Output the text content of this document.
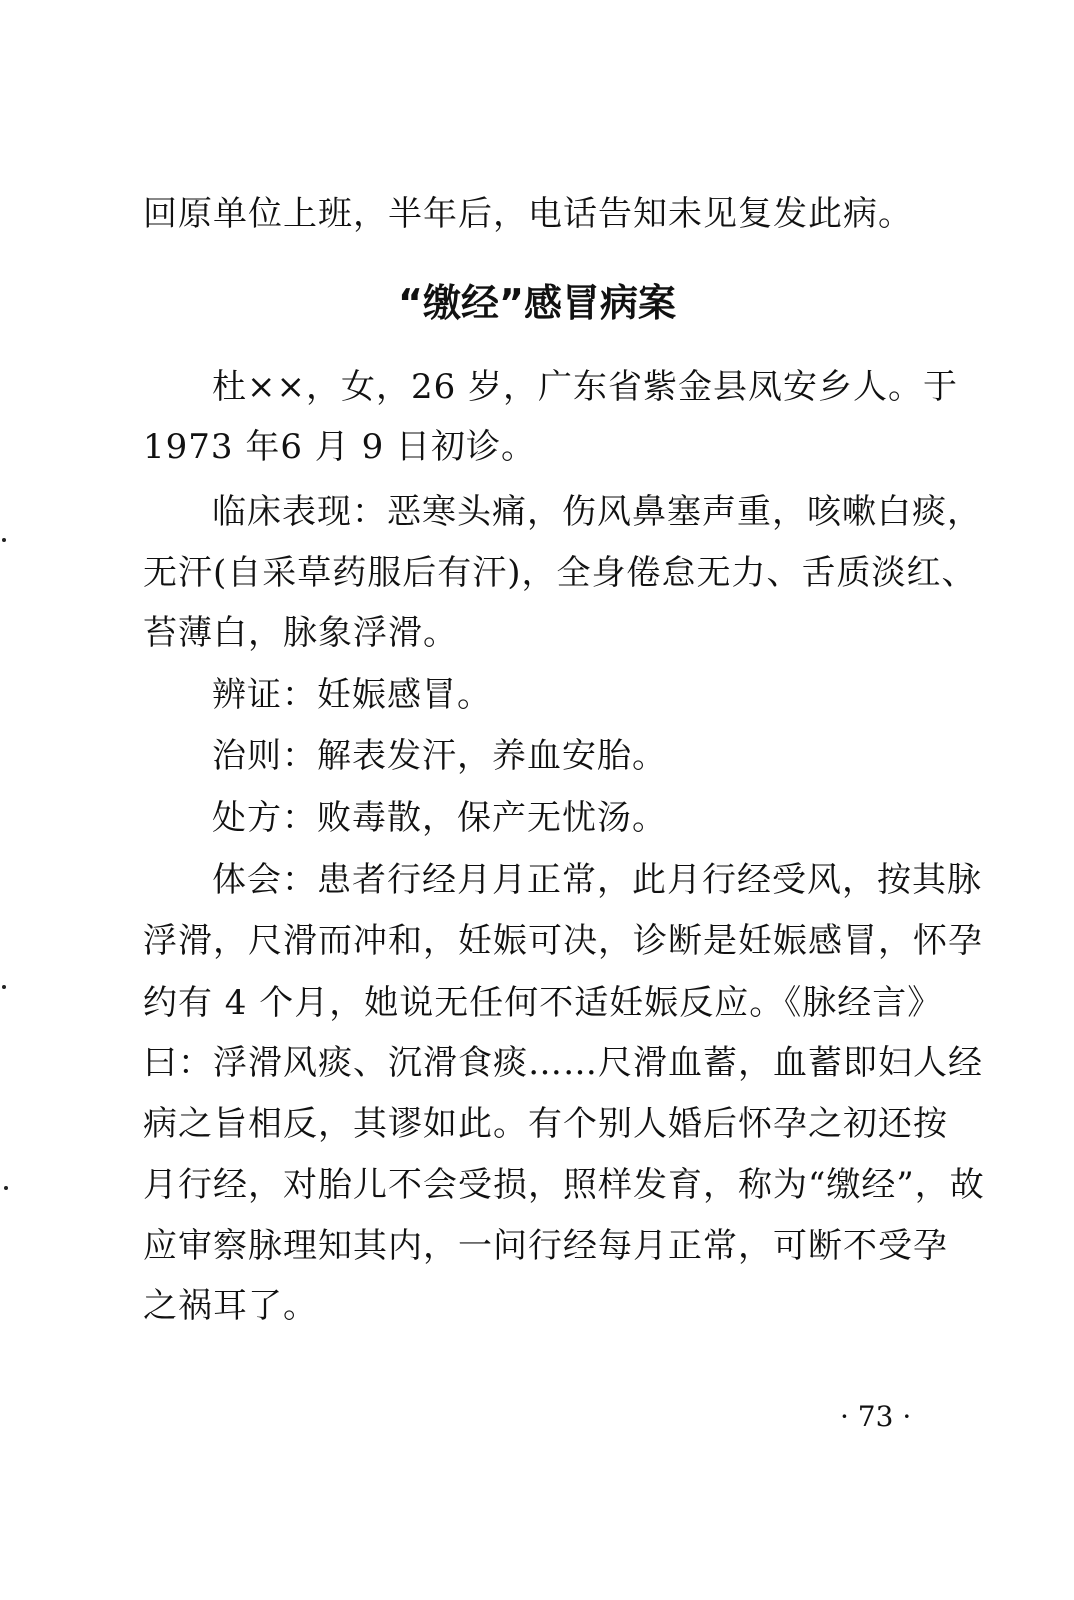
回原单位上班，半年后，电话告知未见复发此病。
“缴经”感冒病案
杜××，女，26 岁，广东省紫金县凤安乡人。于
1973 年6 月 9 日初诊。
临床表现：恶寒头痛，伤风鼻塞声重，咳嗽白痰，
无汗(自采草药服后有汗)，全身倦怠无力、舌质淡红、
苔薄白，脉象浮滑。
辨证：妊娠感冒。
治则：解表发汗，养血安胎。
处方：败毒散，保产无忧汤。
体会：患者行经月月正常，此月行经受风，按其脉
浮滑，尺滑而冲和，妊娠可决，诊断是妊娠感冒，怀孕
约有 4 个月，她说无任何不适妊娠反应。《脉经言》
曰：浮滑风痰、沉滑食痰……尺滑血蓄，血蓄即妇人经
病之旨相反，其谬如此。有个别人婚后怀孕之初还按
月行经，对胎儿不会受损，照样发育，称为“缴经”，故
应审察脉理知其内，一问行经每月正常，可断不受孕
之祸耳了。
· 73 ·
